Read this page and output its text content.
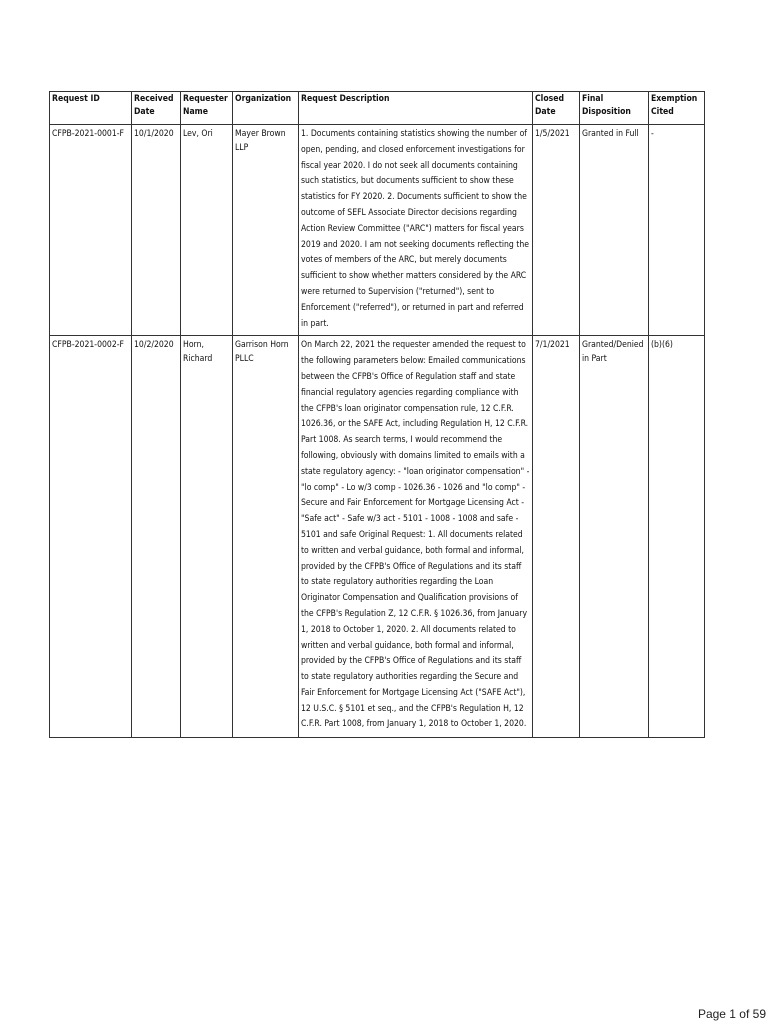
Request ID	Received Date	Requester Name	Organization	Request Description	Closed Date	Final Disposition	Exemption Cited
CFPB-2021-0001-F	10/1/2020	Lev, Ori	Mayer Brown LLP	1. Documents containing statistics showing the number of open, pending, and closed enforcement investigations for fiscal year 2020. I do not seek all documents containing such statistics, but documents sufficient to show these statistics for FY 2020. 2. Documents sufficient to show the outcome of SEFL Associate Director decisions regarding Action Review Committee ("ARC") matters for fiscal years 2019 and 2020. I am not seeking documents reflecting the votes of members of the ARC, but merely documents sufficient to show whether matters considered by the ARC were returned to Supervision ("returned"), sent to Enforcement ("referred"), or returned in part and referred in part.	1/5/2021	Granted in Full	-
CFPB-2021-0002-F	10/2/2020	Horn, Richard	Garrison Horn PLLC	On March 22, 2021 the requester amended the request to the following parameters below: Emailed communications between the CFPB's Office of Regulation staff and state financial regulatory agencies regarding compliance with the CFPB's loan originator compensation rule, 12 C.F.R. 1026.36, or the SAFE Act, including Regulation H, 12 C.F.R. Part 1008. As search terms, I would recommend the following, obviously with domains limited to emails with a state regulatory agency: - "loan originator compensation" - "lo comp" - Lo w/3 comp - 1026.36 - 1026 and "lo comp" - Secure and Fair Enforcement for Mortgage Licensing Act - "Safe act" - Safe w/3 act - 5101 - 1008 - 1008 and safe - 5101 and safe Original Request: 1. All documents related to written and verbal guidance, both formal and informal, provided by the CFPB's Office of Regulations and its staff to state regulatory authorities regarding the Loan Originator Compensation and Qualification provisions of the CFPB's Regulation Z, 12 C.F.R. § 1026.36, from January 1, 2018 to October 1, 2020. 2. All documents related to written and verbal guidance, both formal and informal, provided by the CFPB's Office of Regulations and its staff to state regulatory authorities regarding the Secure and Fair Enforcement for Mortgage Licensing Act ("SAFE Act"), 12 U.S.C. § 5101 et seq., and the CFPB's Regulation H, 12 C.F.R. Part 1008, from January 1, 2018 to October 1, 2020.	7/1/2021	Granted/Denied in Part	(b)(6)
Page 1 of 59
